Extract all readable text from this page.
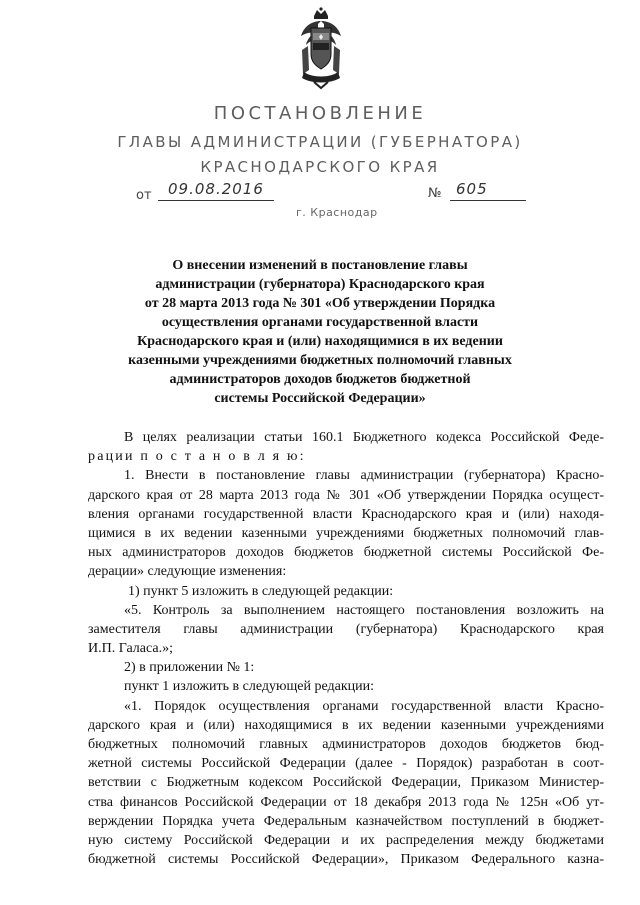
ПОСТАНОВЛЕНИЕ
ГЛАВЫ АДМИНИСТРАЦИИ (ГУБЕРНАТОРА)
КРАСНОДАРСКОГО КРАЯ
от 09.08.2016	№ 605
г. Краснодар
О внесении изменений в постановление главы
администрации (губернатора) Краснодарского края
от 28 марта 2013 года № 301 «Об утверждении Порядка
осуществления органами государственной власти
Краснодарского края и (или) находящимися в их ведении
казенными учреждениями бюджетных полномочий главных
администраторов доходов бюджетов бюджетной
системы Российской Федерации»
В целях реализации статьи 160.1 Бюджетного кодекса Российской Феде-
рации п о с т а н о в л я ю:
1. Внести в постановление главы администрации (губернатора) Красно-
дарского края от 28 марта 2013 года № 301 «Об утверждении Порядка осущест-
вления органами государственной власти Краснодарского края и (или) находя-
щимися в их ведении казенными учреждениями бюджетных полномочий глав-
ных администраторов доходов бюджетов бюджетной системы Российской Фе-
дерации» следующие изменения:
1) пункт 5 изложить в следующей редакции:
«5. Контроль за выполнением настоящего постановления возложить на
заместителя главы администрации (губернатора) Краснодарского края
И.П. Галаса.»;
2) в приложении № 1:
пункт 1 изложить в следующей редакции:
«1. Порядок осуществления органами государственной власти Красно-
дарского края и (или) находящимися в их ведении казенными учреждениями
бюджетных полномочий главных администраторов доходов бюджетов бюд-
жетной системы Российской Федерации (далее - Порядок) разработан в соот-
ветствии с Бюджетным кодексом Российской Федерации, Приказом Министер-
ства финансов Российской Федерации от 18 декабря 2013 года № 125н «Об ут-
верждении Порядка учета Федеральным казначейством поступлений в бюджет-
ную систему Российской Федерации и их распределения между бюджетами
бюджетной системы Российской Федерации», Приказом Федерального казна-
